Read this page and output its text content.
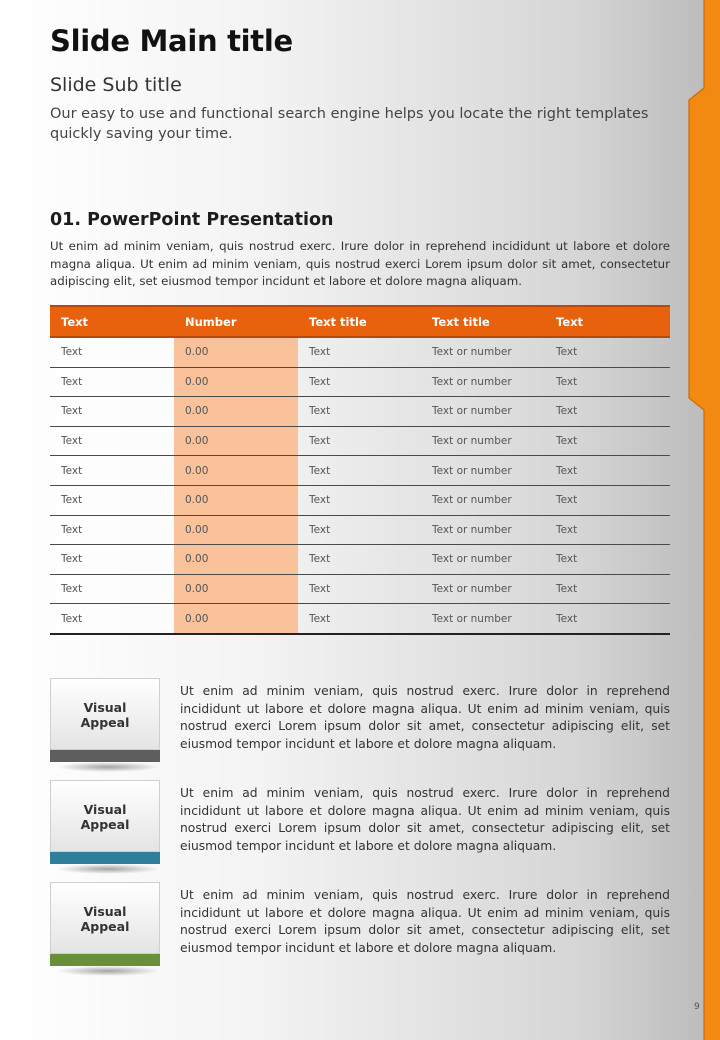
Slide Main title
Slide Sub title

Our easy to use and functional search engine helps you locate the right templates quickly saving your time.

01. PowerPoint Presentation

Ut enim ad minim veniam, quis nostrud exerc. Irure dolor in reprehend incididunt ut labore et dolore magna aliqua. Ut enim ad minim veniam, quis nostrud exerci Lorem ipsum dolor sit amet, consectetur adipiscing elit, set eiusmod tempor incidunt et labore et dolore magna aliquam.

Text	Number	Text title	Text title	Text
Text	0.00	Text	Text or number	Text
Text	0.00	Text	Text or number	Text
Text	0.00	Text	Text or number	Text
Text	0.00	Text	Text or number	Text
Text	0.00	Text	Text or number	Text
Text	0.00	Text	Text or number	Text
Text	0.00	Text	Text or number	Text
Text	0.00	Text	Text or number	Text
Text	0.00	Text	Text or number	Text
Text	0.00	Text	Text or number	Text
Visual
Appeal

Ut enim ad minim veniam, quis nostrud exerc. Irure dolor in reprehend incididunt ut labore et dolore magna aliqua. Ut enim ad minim veniam, quis nostrud exerci Lorem ipsum dolor sit amet, consectetur adipiscing elit, set eiusmod tempor incidunt et labore et dolore magna aliquam.

Visual
Appeal

Ut enim ad minim veniam, quis nostrud exerc. Irure dolor in reprehend incididunt ut labore et dolore magna aliqua. Ut enim ad minim veniam, quis nostrud exerci Lorem ipsum dolor sit amet, consectetur adipiscing elit, set eiusmod tempor incidunt et labore et dolore magna aliquam.

Visual
Appeal

Ut enim ad minim veniam, quis nostrud exerc. Irure dolor in reprehend incididunt ut labore et dolore magna aliqua. Ut enim ad minim veniam, quis nostrud exerci Lorem ipsum dolor sit amet, consectetur adipiscing elit, set eiusmod tempor incidunt et labore et dolore magna aliquam.

9
